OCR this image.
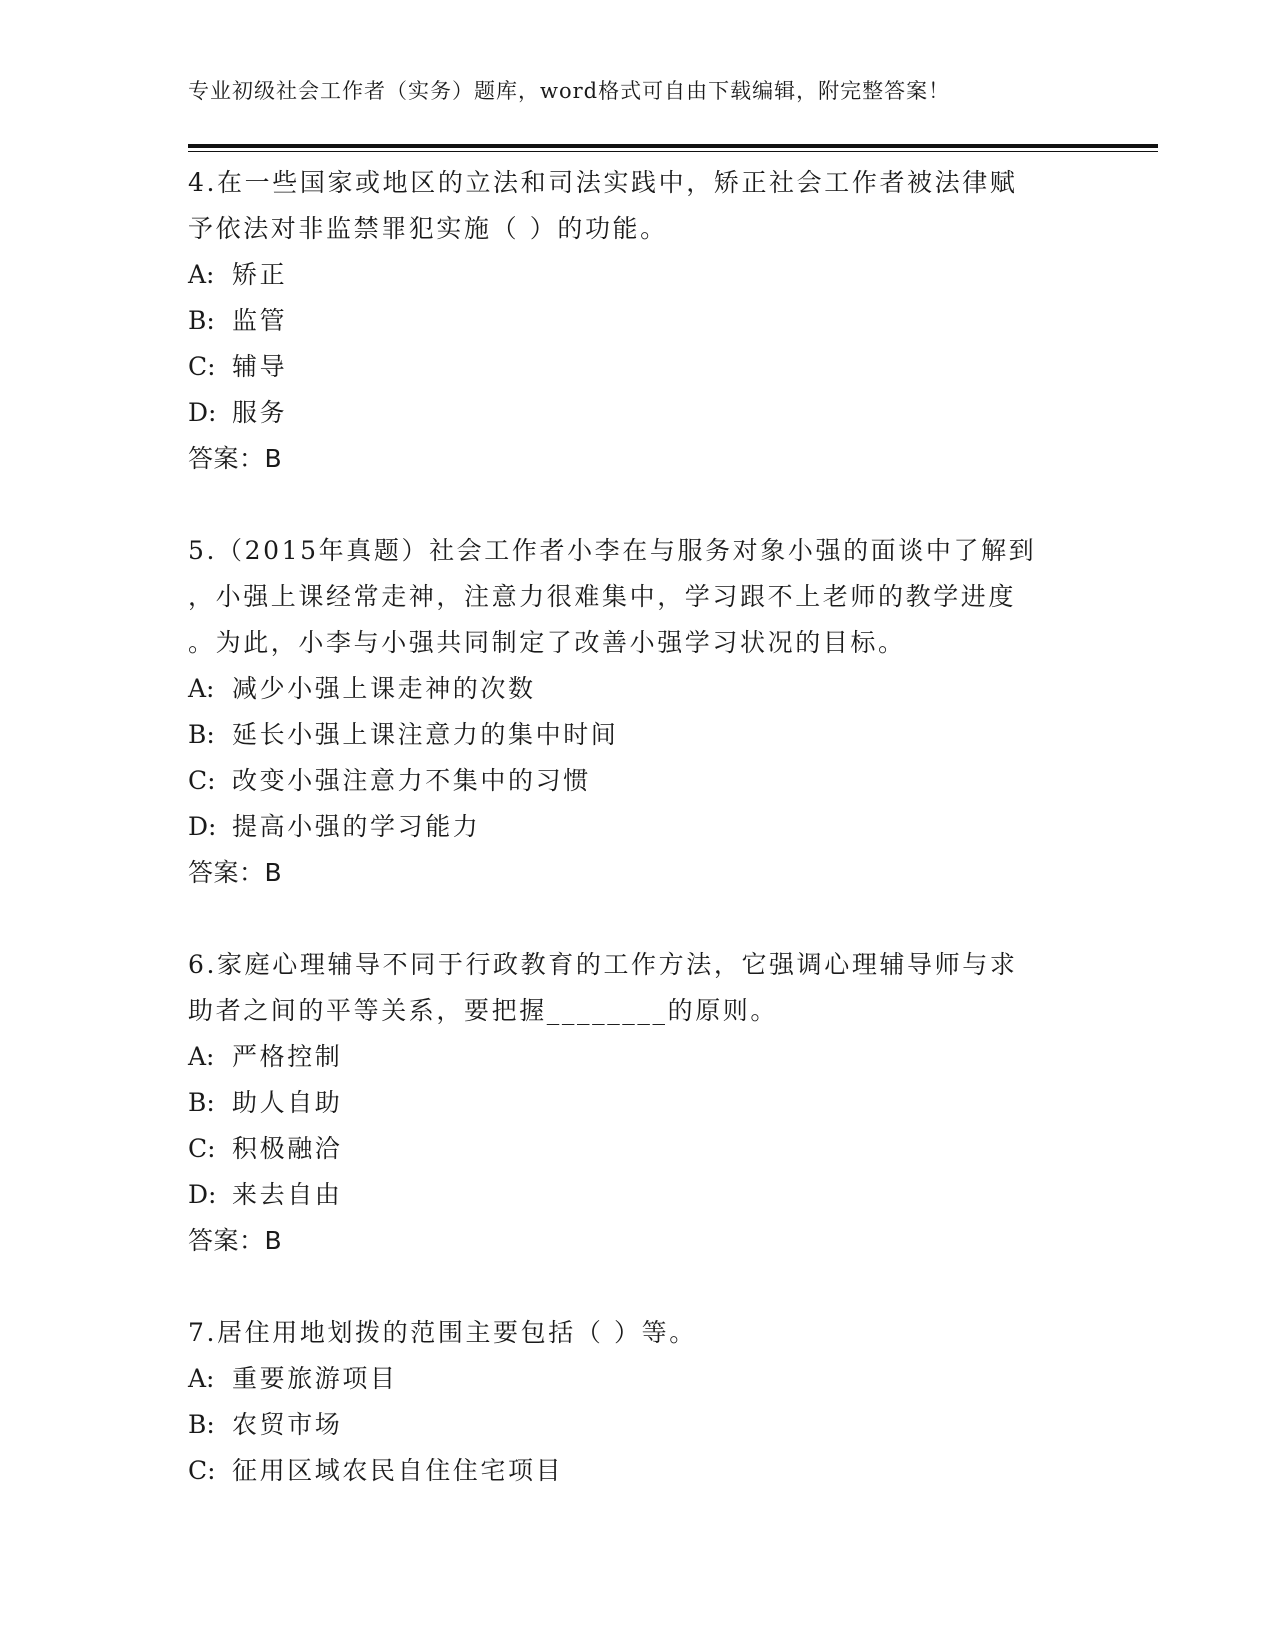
专业初级社会工作者（实务）题库，word格式可自由下载编辑，附完整答案！
4.在一些国家或地区的立法和司法实践中，矫正社会工作者被法律赋
予依法对非监禁罪犯实施（ ）的功能。
A: 矫正
B: 监管
C: 辅导
D: 服务
答案：B
5.（2015年真题）社会工作者小李在与服务对象小强的面谈中了解到
，小强上课经常走神，注意力很难集中，学习跟不上老师的教学进度
。为此，小李与小强共同制定了改善小强学习状况的目标。
A: 减少小强上课走神的次数
B: 延长小强上课注意力的集中时间
C: 改变小强注意力不集中的习惯
D: 提高小强的学习能力
答案：B
6.家庭心理辅导不同于行政教育的工作方法，它强调心理辅导师与求
助者之间的平等关系，要把握________的原则。
A: 严格控制
B: 助人自助
C: 积极融洽
D: 来去自由
答案：B
7.居住用地划拨的范围主要包括（ ）等。
A: 重要旅游项目
B: 农贸市场
C: 征用区域农民自住住宅项目
